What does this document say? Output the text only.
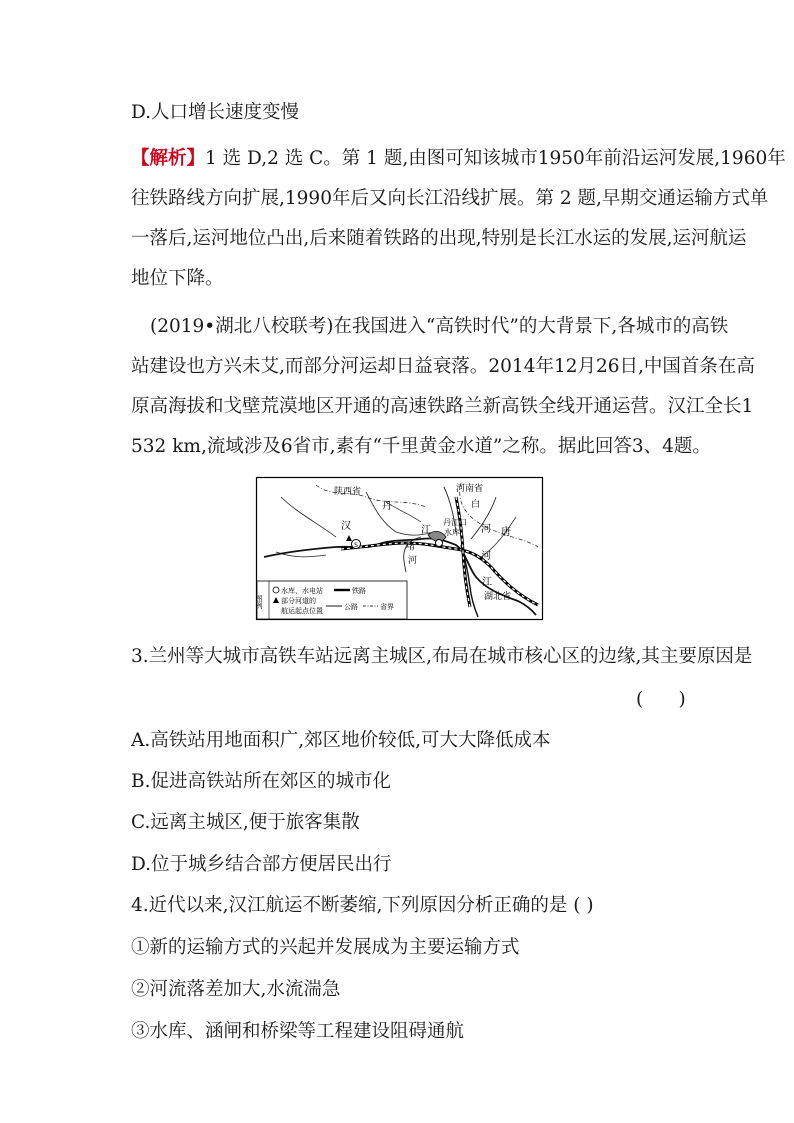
D.人口增长速度变慢
【解析】1 选 D,2 选 C。第 1 题,由图可知该城市1950年前沿运河发展,1960年
往铁路线方向扩展,1990年后又向长江沿线扩展。第 2 题,早期交通运输方式单
一落后,运河地位凸出,后来随着铁路的出现,特别是长江水运的发展,运河航运
地位下降。
(2019•湖北八校联考)在我国进入“高铁时代”的大背景下,各城市的高铁
站建设也方兴未艾,而部分河运却日益衰落。2014年12月26日,中国首条在高
原高海拔和戈壁荒漠地区开通的高速铁路兰新高铁全线开通运营。汉江全长1
532 km,流域涉及6省市,素有“千里黄金水道”之称。据此回答3、4题。
S
陕西省	河南省
湖北省
丹
汉	江
堵
河
丹江口
水库
白
河 唐
河
江
图例
水库、水电站	铁路
部分河道的
航运起点位置	公路	省界
3.兰州等大城市高铁车站远离主城区,布局在城市核心区的边缘,其主要原因是
(      )
A.高铁站用地面积广,郊区地价较低,可大大降低成本
B.促进高铁站所在郊区的城市化
C.远离主城区,便于旅客集散
D.位于城乡结合部方便居民出行
4.近代以来,汉江航运不断萎缩,下列原因分析正确的是 ( )
①新的运输方式的兴起并发展成为主要运输方式
②河流落差加大,水流湍急
③水库、涵闸和桥梁等工程建设阻碍通航
